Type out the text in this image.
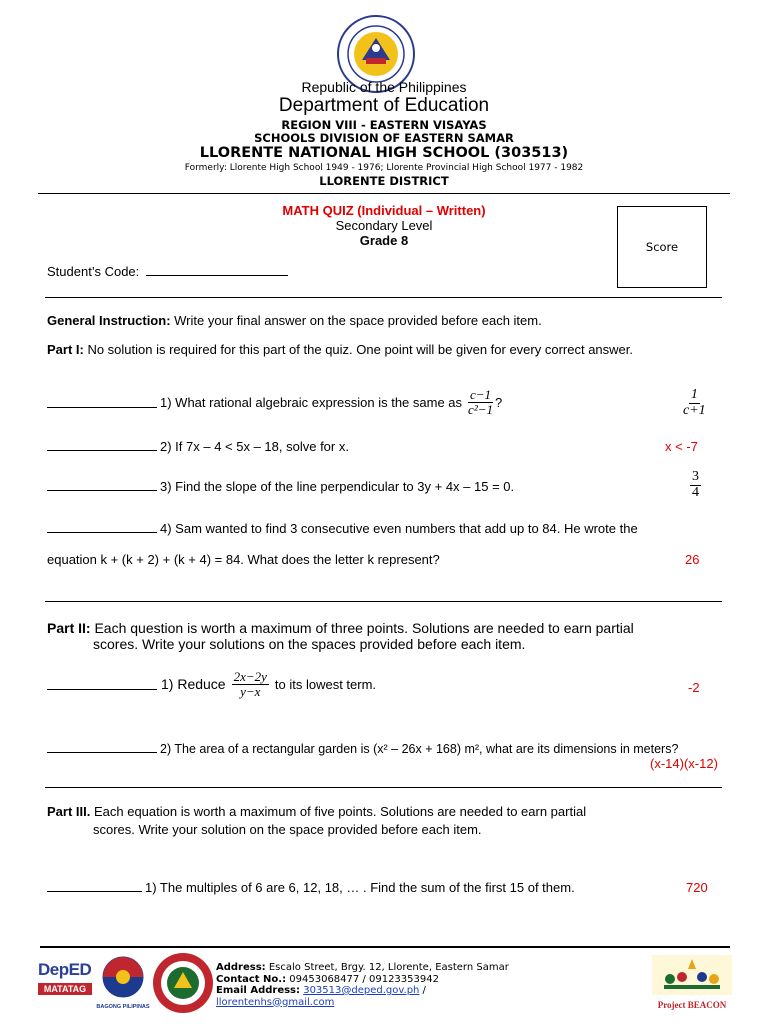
Republic of the Philippines
Department of Education
REGION VIII - EASTERN VISAYAS
SCHOOLS DIVISION OF EASTERN SAMAR
LLORENTE NATIONAL HIGH SCHOOL (303513)
Formerly: Llorente High School 1949 - 1976; Llorente Provincial High School 1977 - 1982
LLORENTE DISTRICT
MATH QUIZ (Individual – Written)
Secondary Level
Grade 8	Score
Student’s Code:
General Instruction: Write your final answer on the space provided before each item.
Part I: No solution is required for this part of the quiz. One point will be given for every correct answer.
1) What rational algebraic expression is the same as $\frac{c-1}{\text{c²−1}}$ ?	$\frac{1}{c+1}$
2) If 7x – 4 < 5x – 18, solve for x.	x < -7
3) Find the slope of the line perpendicular to 3y + 4x – 15 = 0.	$\frac{3}{4}$
4) Sam wanted to find 3 consecutive even numbers that add up to 84. He wrote the
equation k + (k + 2) + (k + 4) = 84. What does the letter k represent?	26
Part II: Each question is worth a maximum of three points. Solutions are needed to earn partial
scores. Write your solutions on the spaces provided before each item.
1) Reduce $\frac{2x-2y}{y-x}$ to its lowest term.	-2
2) The area of a rectangular garden is (x² – 26x + 168) m², what are its dimensions in meters?
(x-14)(x-12)
Part III. Each equation is worth a maximum of five points. Solutions are needed to earn partial
scores. Write your solution on the space provided before each item.
1) The multiples of 6 are 6, 12, 18, … . Find the sum of the first 15 of them.	720
DepED
MATATAG
BAGONG PILIPINAS
Address: Escalo Street, Brgy. 12, Llorente, Eastern Samar
Contact No.: 09453068477 / 09123353942
Email Address: 303513@deped.gov.ph /
llorentenhs@gmail.com	Project BEACON
